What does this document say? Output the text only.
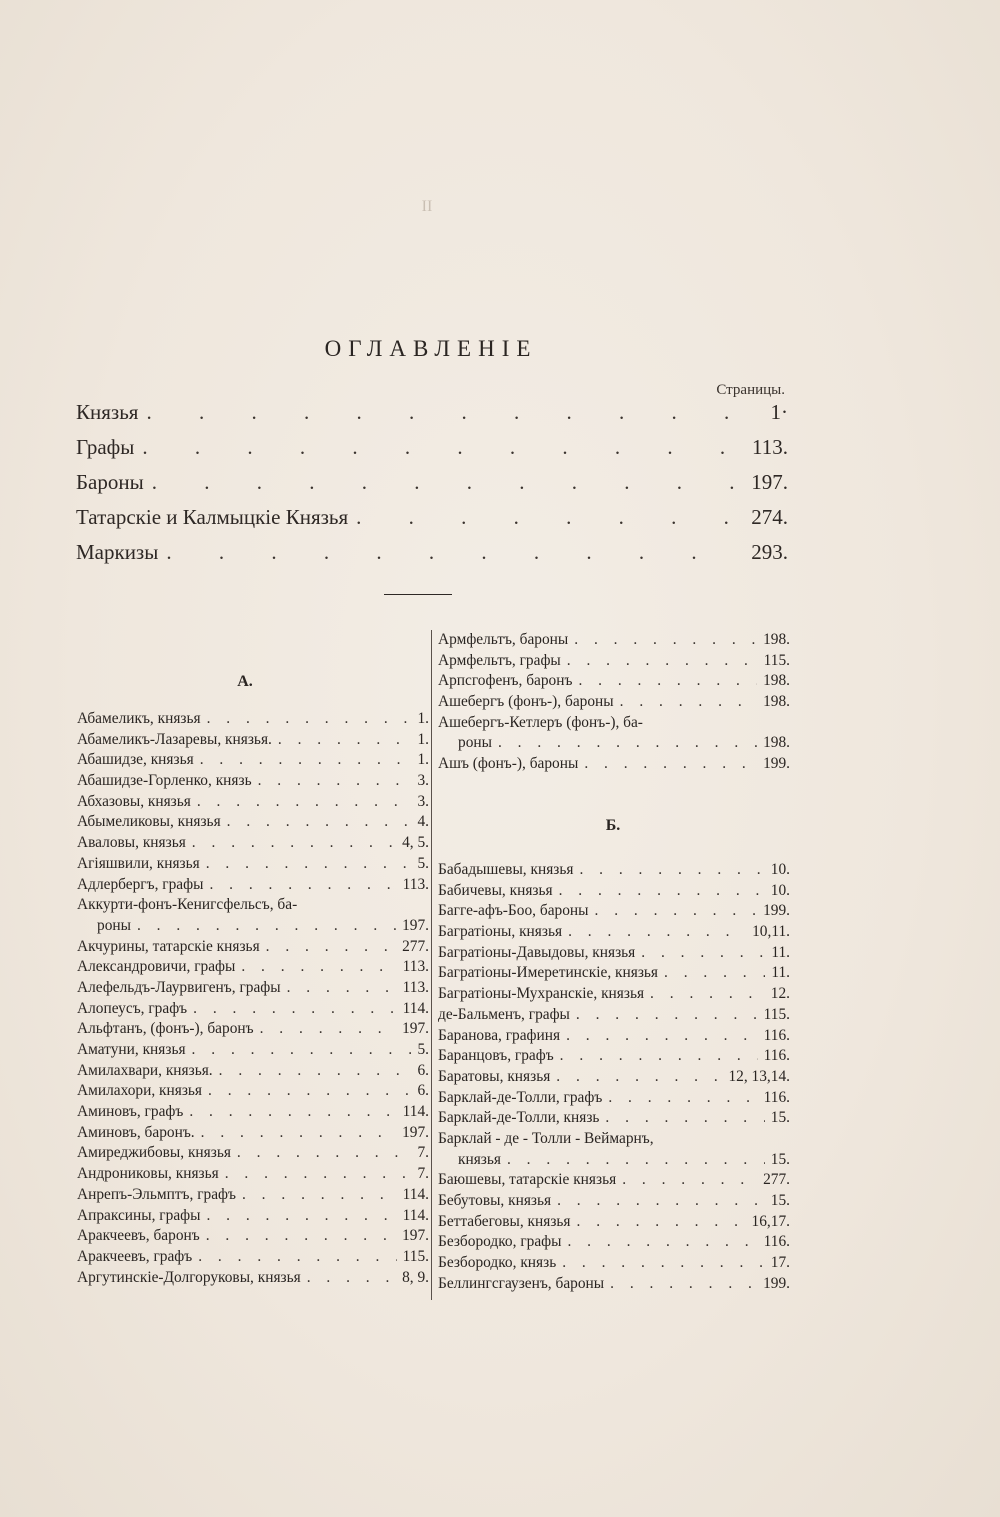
II
ОГЛАВЛЕНІЕ
Страницы.
Князья . . .	1·
Графы . . .	113.
Бароны . . .	197.
Татарскіе и Калмыцкіе Князья . . .	274.
Маркизы . . .	293.
А.
Абамеликъ, князья . . .	1.
Абамеликъ-Лазаревы, князья. . . .	1.
Абашидзе, князья . . .	1.
Абашидзе-Горленко, князь . . .	3.
Абхазовы, князья . . .	3.
Абымеликовы, князья . . .	4.
Аваловы, князья . . .	4, 5.
Агіяшвили, князья . . .	5.
Адлербергъ, графы . . .	113.
Аккурти-фонъ-Кенигсфельсъ, ба-
роны . . .	197.
Акчурины, татарскіе князья . . .	277.
Александровичи, графы . . .	113.
Алефельдъ-Лаурвигенъ, графы . . .	113.
Алопеусъ, графъ . . .	114.
Альфтанъ, (фонъ-), баронъ . . .	197.
Аматуни, князья . . .	5.
Амилахвари, князья. . . .	6.
Амилахори, князья . . .	6.
Аминовъ, графъ . . .	114.
Аминовъ, баронъ. . . .	197.
Амиреджибовы, князья . . .	7.
Андрониковы, князья . . .	7.
Анрепъ-Эльмптъ, графъ . . .	114.
Апраксины, графы . . .	114.
Аракчеевъ, баронъ . . .	197.
Аракчеевъ, графъ . . .	115.
Аргутинскіе-Долгоруковы, князья . . .	8, 9.
Армфельтъ, бароны . . .	198.
Армфельтъ, графы . . .	115.
Арпсгофенъ, баронъ . . .	198.
Ашебергъ (фонъ-), бароны . . .	198.
Ашебергъ-Кетлеръ (фонъ-), ба-
роны . . .	198.
Ашъ (фонъ-), бароны . . .	199.
Б.
Бабадышевы, князья . . .	10.
Бабичевы, князья . . .	10.
Багге-афъ-Боо, бароны . . .	199.
Багратіоны, князья . . .	10,11.
Багратіоны-Давыдовы, князья . . .	11.
Багратіоны-Имеретинскіе, князья . . .	11.
Багратіоны-Мухранскіе, князья . . .	12.
де-Бальменъ, графы . . .	115.
Баранова, графиня . . .	116.
Баранцовъ, графъ . . .	116.
Баратовы, князья . . .	12, 13,14.
Барклай-де-Толли, графъ . . .	116.
Барклай-де-Толли, князь . . .	15.
Барклай - де - Толли - Веймарнъ,
князья . . .	15.
Баюшевы, татарскіе князья . . .	277.
Бебутовы, князья . . .	15.
Беттабеговы, князья . . .	16,17.
Безбородко, графы . . .	116.
Безбородко, князь . . .	17.
Беллингсгаузенъ, бароны . . .	199.
